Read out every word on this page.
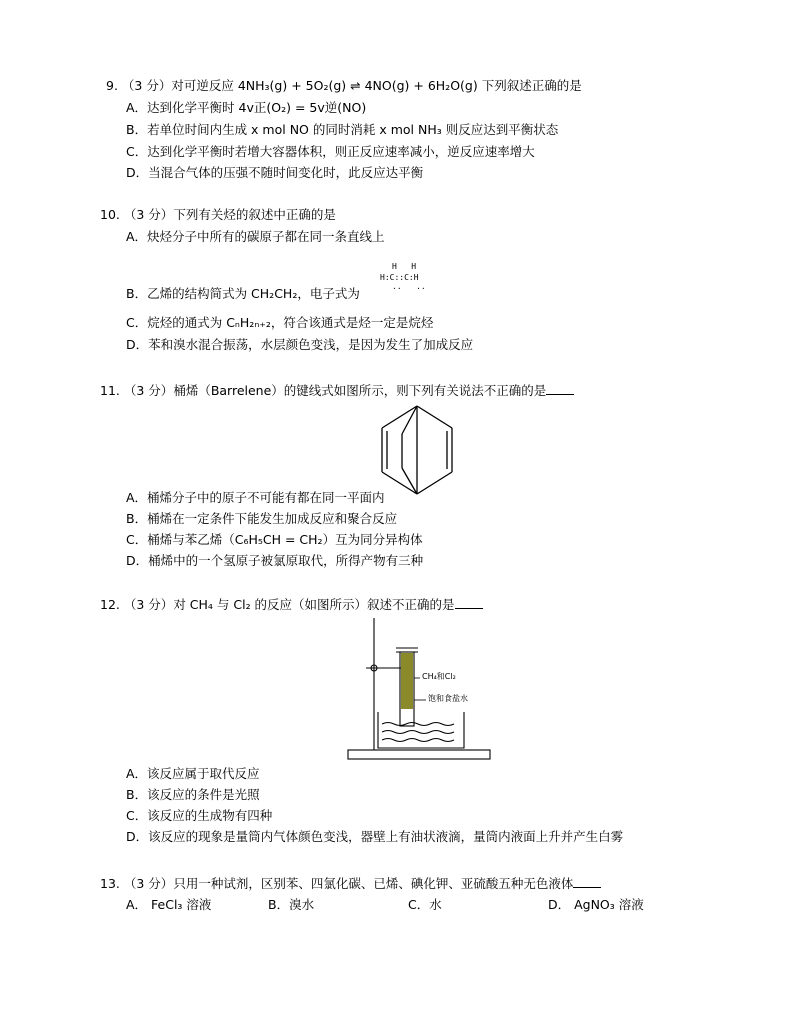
9. （3 分）对可逆反应 4NH₃(g) + 5O₂(g) ⇌ 4NO(g) + 6H₂O(g) 下列叙述正确的是
A．达到化学平衡时 4v正(O₂) = 5v逆(NO)
B．若单位时间内生成 x mol NO 的同时消耗 x mol NH₃ 则反应达到平衡状态
C．达到化学平衡时若增大容器体积，则正反应速率减小，逆反应速率增大
D．当混合气体的压强不随时间变化时，此反应达平衡
10. （3 分）下列有关烃的叙述中正确的是
A．炔烃分子中所有的碳原子都在同一条直线上
B．乙烯的结构简式为 CH₂CH₂，电子式为
H   H
H:C::C:H
··   ··
C．烷烃的通式为 CₙH₂ₙ₊₂，符合该通式是烃一定是烷烃
D．苯和溴水混合振荡，水层颜色变浅，是因为发生了加成反应
11. （3 分）桶烯（Barrelene）的键线式如图所示，则下列有关说法不正确的是
A．桶烯分子中的原子不可能有都在同一平面内
B．桶烯在一定条件下能发生加成反应和聚合反应
C．桶烯与苯乙烯（C₆H₅CH = CH₂）互为同分异构体
D．桶烯中的一个氢原子被氯原取代，所得产物有三种
12. （3 分）对 CH₄ 与 Cl₂ 的反应（如图所示）叙述不正确的是
CH₄和Cl₂
饱和食盐水
A．该反应属于取代反应
B．该反应的条件是光照
C．该反应的生成物有四种
D．该反应的现象是量筒内气体颜色变浅，器壁上有油状液滴，量筒内液面上升并产生白雾
13. （3 分）只用一种试剂，区别苯、四氯化碳、已烯、碘化钾、亚硫酸五种无色液体
A． FeCl₃ 溶液	B．溴水	C．水	D． AgNO₃ 溶液
